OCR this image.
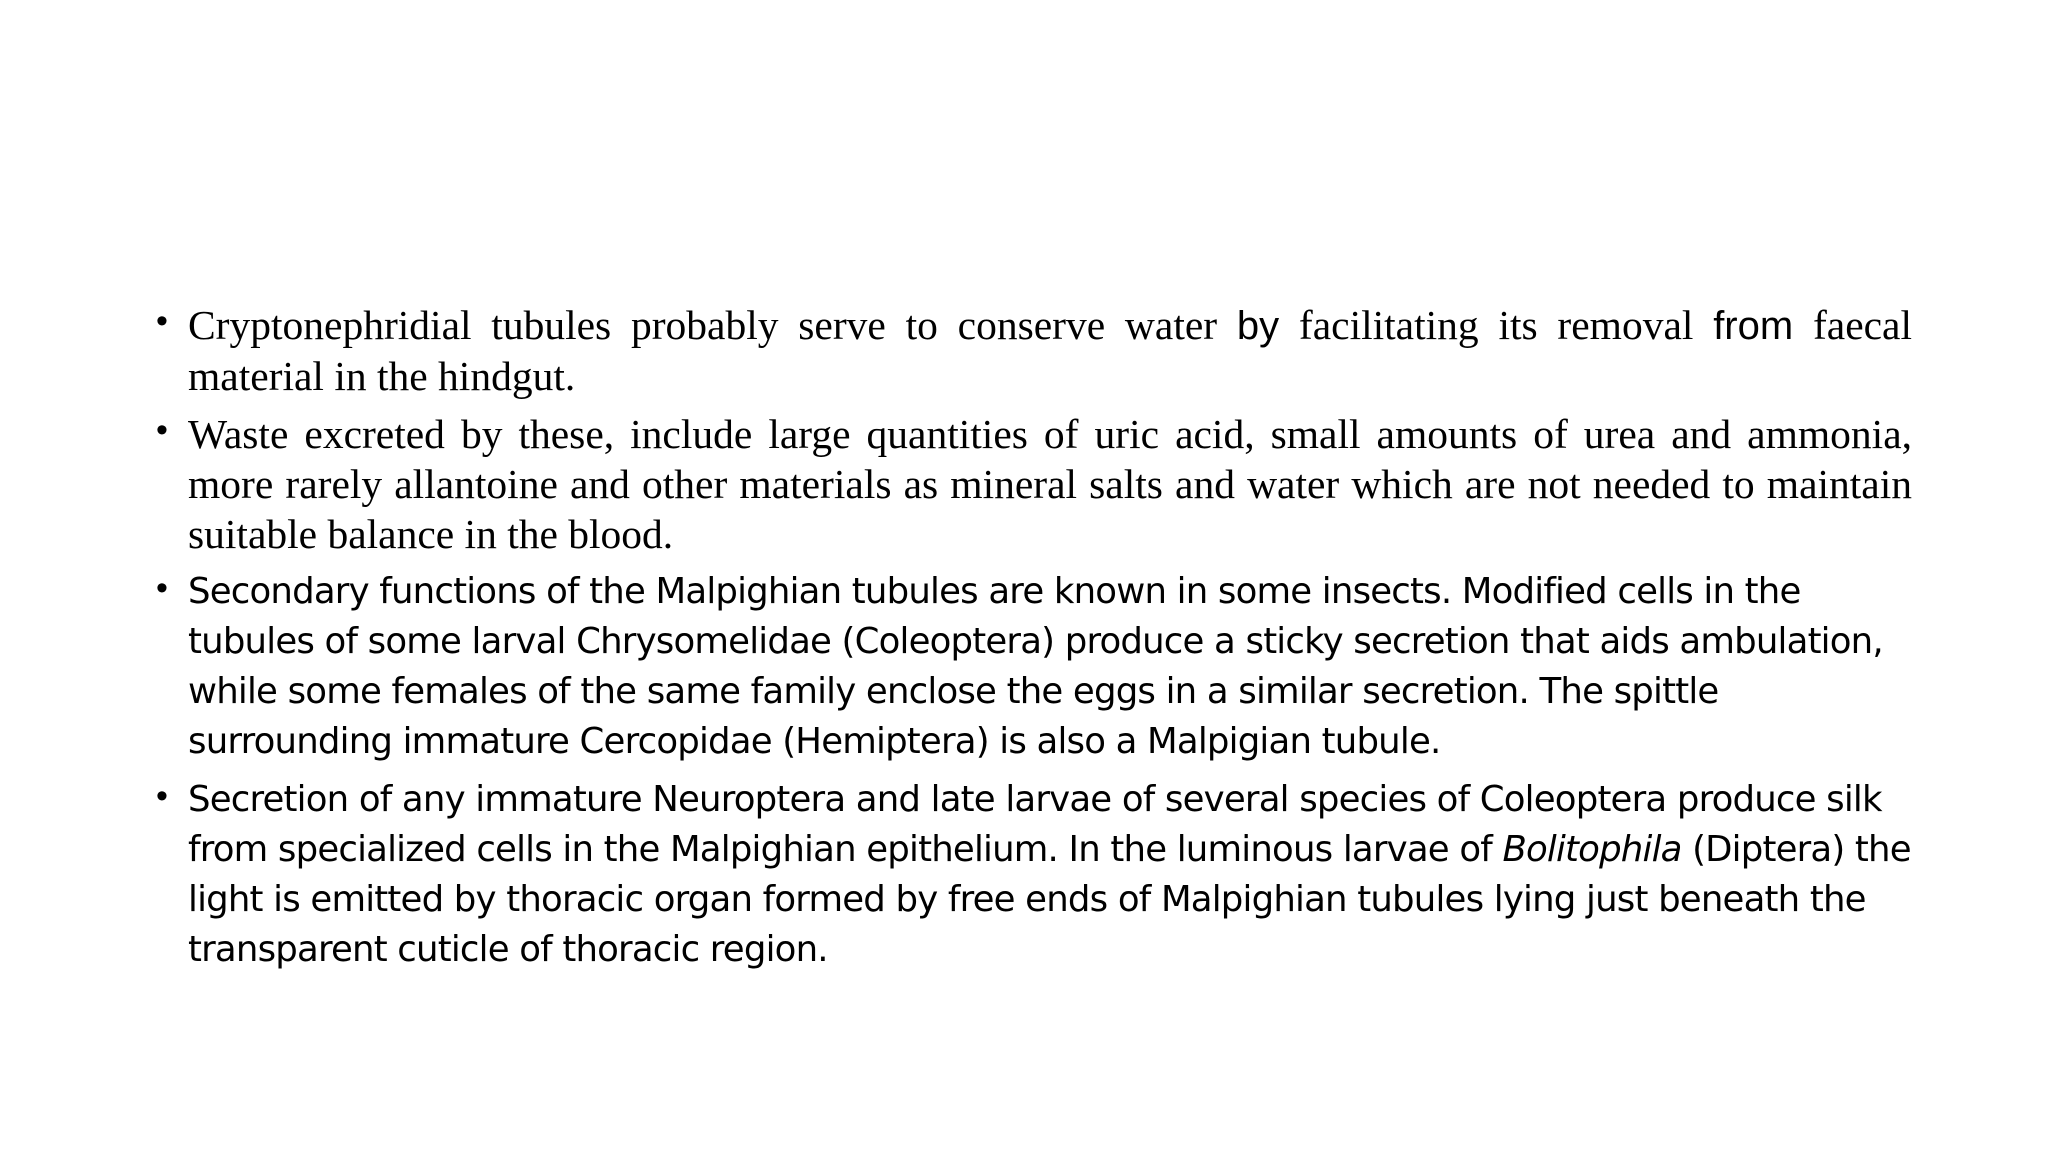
• Cryptonephridial tubules probably serve to conserve water by facilitating its removal from faecal material in the hindgut.
• Waste excreted by these, include large quantities of uric acid, small amounts of urea and ammonia, more rarely allantoine and other materials as mineral salts and water which are not needed to maintain suitable balance in the blood.
• Secondary functions of the Malpighian tubules are known in some insects. Modified cells in the tubules of some larval Chrysomelidae (Coleoptera) produce a sticky secretion that aids ambulation, while some females of the same family enclose the eggs in a similar secretion. The spittle surrounding immature Cercopidae (Hemiptera) is also a Malpigian tubule.
• Secretion of any immature Neuroptera and late larvae of several species of Coleoptera produce silk from specialized cells in the Malpighian epithelium. In the luminous larvae of Bolitophila (Diptera) the light is emitted by thoracic organ formed by free ends of Malpighian tubules lying just beneath the transparent cuticle of thoracic region.
